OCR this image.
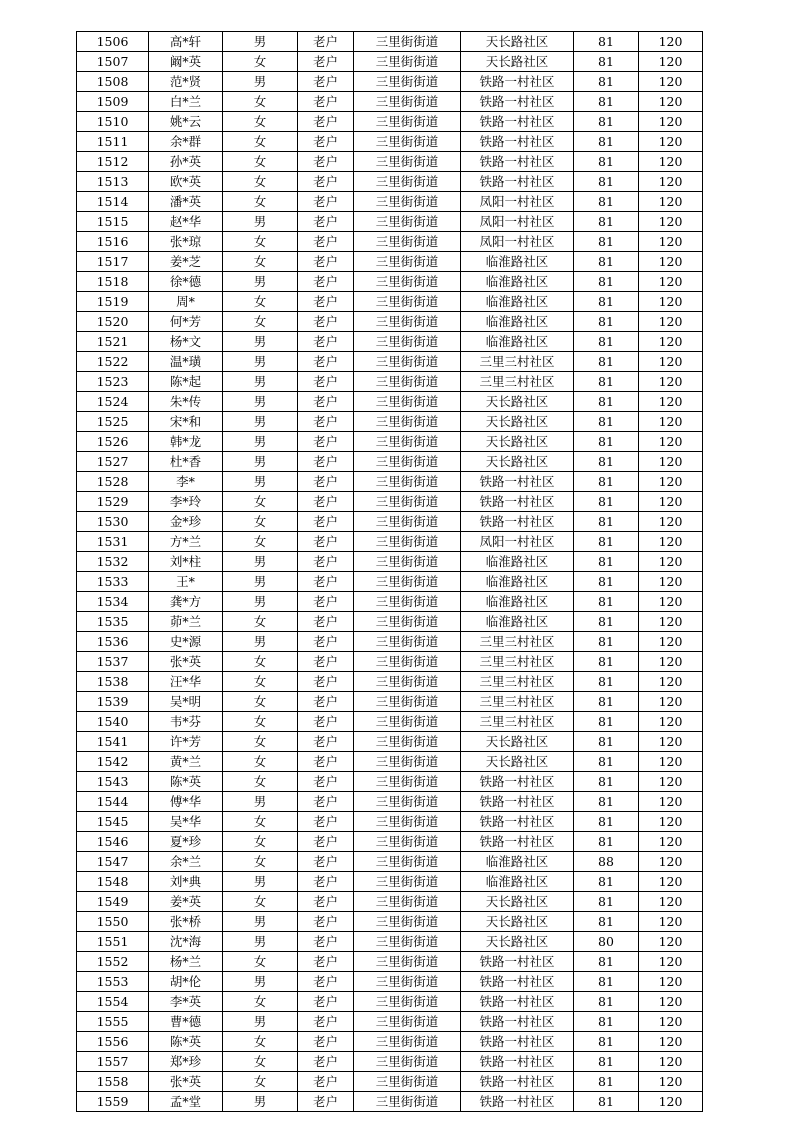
1506	高*轩	男	老户	三里街街道	天长路社区	81	120
1507	阚*英	女	老户	三里街街道	天长路社区	81	120
1508	范*贤	男	老户	三里街街道	铁路一村社区	81	120
1509	白*兰	女	老户	三里街街道	铁路一村社区	81	120
1510	姚*云	女	老户	三里街街道	铁路一村社区	81	120
1511	余*群	女	老户	三里街街道	铁路一村社区	81	120
1512	孙*英	女	老户	三里街街道	铁路一村社区	81	120
1513	欧*英	女	老户	三里街街道	铁路一村社区	81	120
1514	潘*英	女	老户	三里街街道	凤阳一村社区	81	120
1515	赵*华	男	老户	三里街街道	凤阳一村社区	81	120
1516	张*琼	女	老户	三里街街道	凤阳一村社区	81	120
1517	姜*芝	女	老户	三里街街道	临淮路社区	81	120
1518	徐*德	男	老户	三里街街道	临淮路社区	81	120
1519	周*	女	老户	三里街街道	临淮路社区	81	120
1520	何*芳	女	老户	三里街街道	临淮路社区	81	120
1521	杨*文	男	老户	三里街街道	临淮路社区	81	120
1522	温*璜	男	老户	三里街街道	三里三村社区	81	120
1523	陈*起	男	老户	三里街街道	三里三村社区	81	120
1524	朱*传	男	老户	三里街街道	天长路社区	81	120
1525	宋*和	男	老户	三里街街道	天长路社区	81	120
1526	韩*龙	男	老户	三里街街道	天长路社区	81	120
1527	杜*香	男	老户	三里街街道	天长路社区	81	120
1528	李*	男	老户	三里街街道	铁路一村社区	81	120
1529	李*玲	女	老户	三里街街道	铁路一村社区	81	120
1530	金*珍	女	老户	三里街街道	铁路一村社区	81	120
1531	方*兰	女	老户	三里街街道	凤阳一村社区	81	120
1532	刘*柱	男	老户	三里街街道	临淮路社区	81	120
1533	王*	男	老户	三里街街道	临淮路社区	81	120
1534	龚*方	男	老户	三里街街道	临淮路社区	81	120
1535	茆*兰	女	老户	三里街街道	临淮路社区	81	120
1536	史*源	男	老户	三里街街道	三里三村社区	81	120
1537	张*英	女	老户	三里街街道	三里三村社区	81	120
1538	汪*华	女	老户	三里街街道	三里三村社区	81	120
1539	吴*明	女	老户	三里街街道	三里三村社区	81	120
1540	韦*芬	女	老户	三里街街道	三里三村社区	81	120
1541	许*芳	女	老户	三里街街道	天长路社区	81	120
1542	黄*兰	女	老户	三里街街道	天长路社区	81	120
1543	陈*英	女	老户	三里街街道	铁路一村社区	81	120
1544	傅*华	男	老户	三里街街道	铁路一村社区	81	120
1545	吴*华	女	老户	三里街街道	铁路一村社区	81	120
1546	夏*珍	女	老户	三里街街道	铁路一村社区	81	120
1547	余*兰	女	老户	三里街街道	临淮路社区	88	120
1548	刘*典	男	老户	三里街街道	临淮路社区	81	120
1549	姜*英	女	老户	三里街街道	天长路社区	81	120
1550	张*桥	男	老户	三里街街道	天长路社区	81	120
1551	沈*海	男	老户	三里街街道	天长路社区	80	120
1552	杨*兰	女	老户	三里街街道	铁路一村社区	81	120
1553	胡*伦	男	老户	三里街街道	铁路一村社区	81	120
1554	李*英	女	老户	三里街街道	铁路一村社区	81	120
1555	曹*德	男	老户	三里街街道	铁路一村社区	81	120
1556	陈*英	女	老户	三里街街道	铁路一村社区	81	120
1557	郑*珍	女	老户	三里街街道	铁路一村社区	81	120
1558	张*英	女	老户	三里街街道	铁路一村社区	81	120
1559	孟*堂	男	老户	三里街街道	铁路一村社区	81	120
